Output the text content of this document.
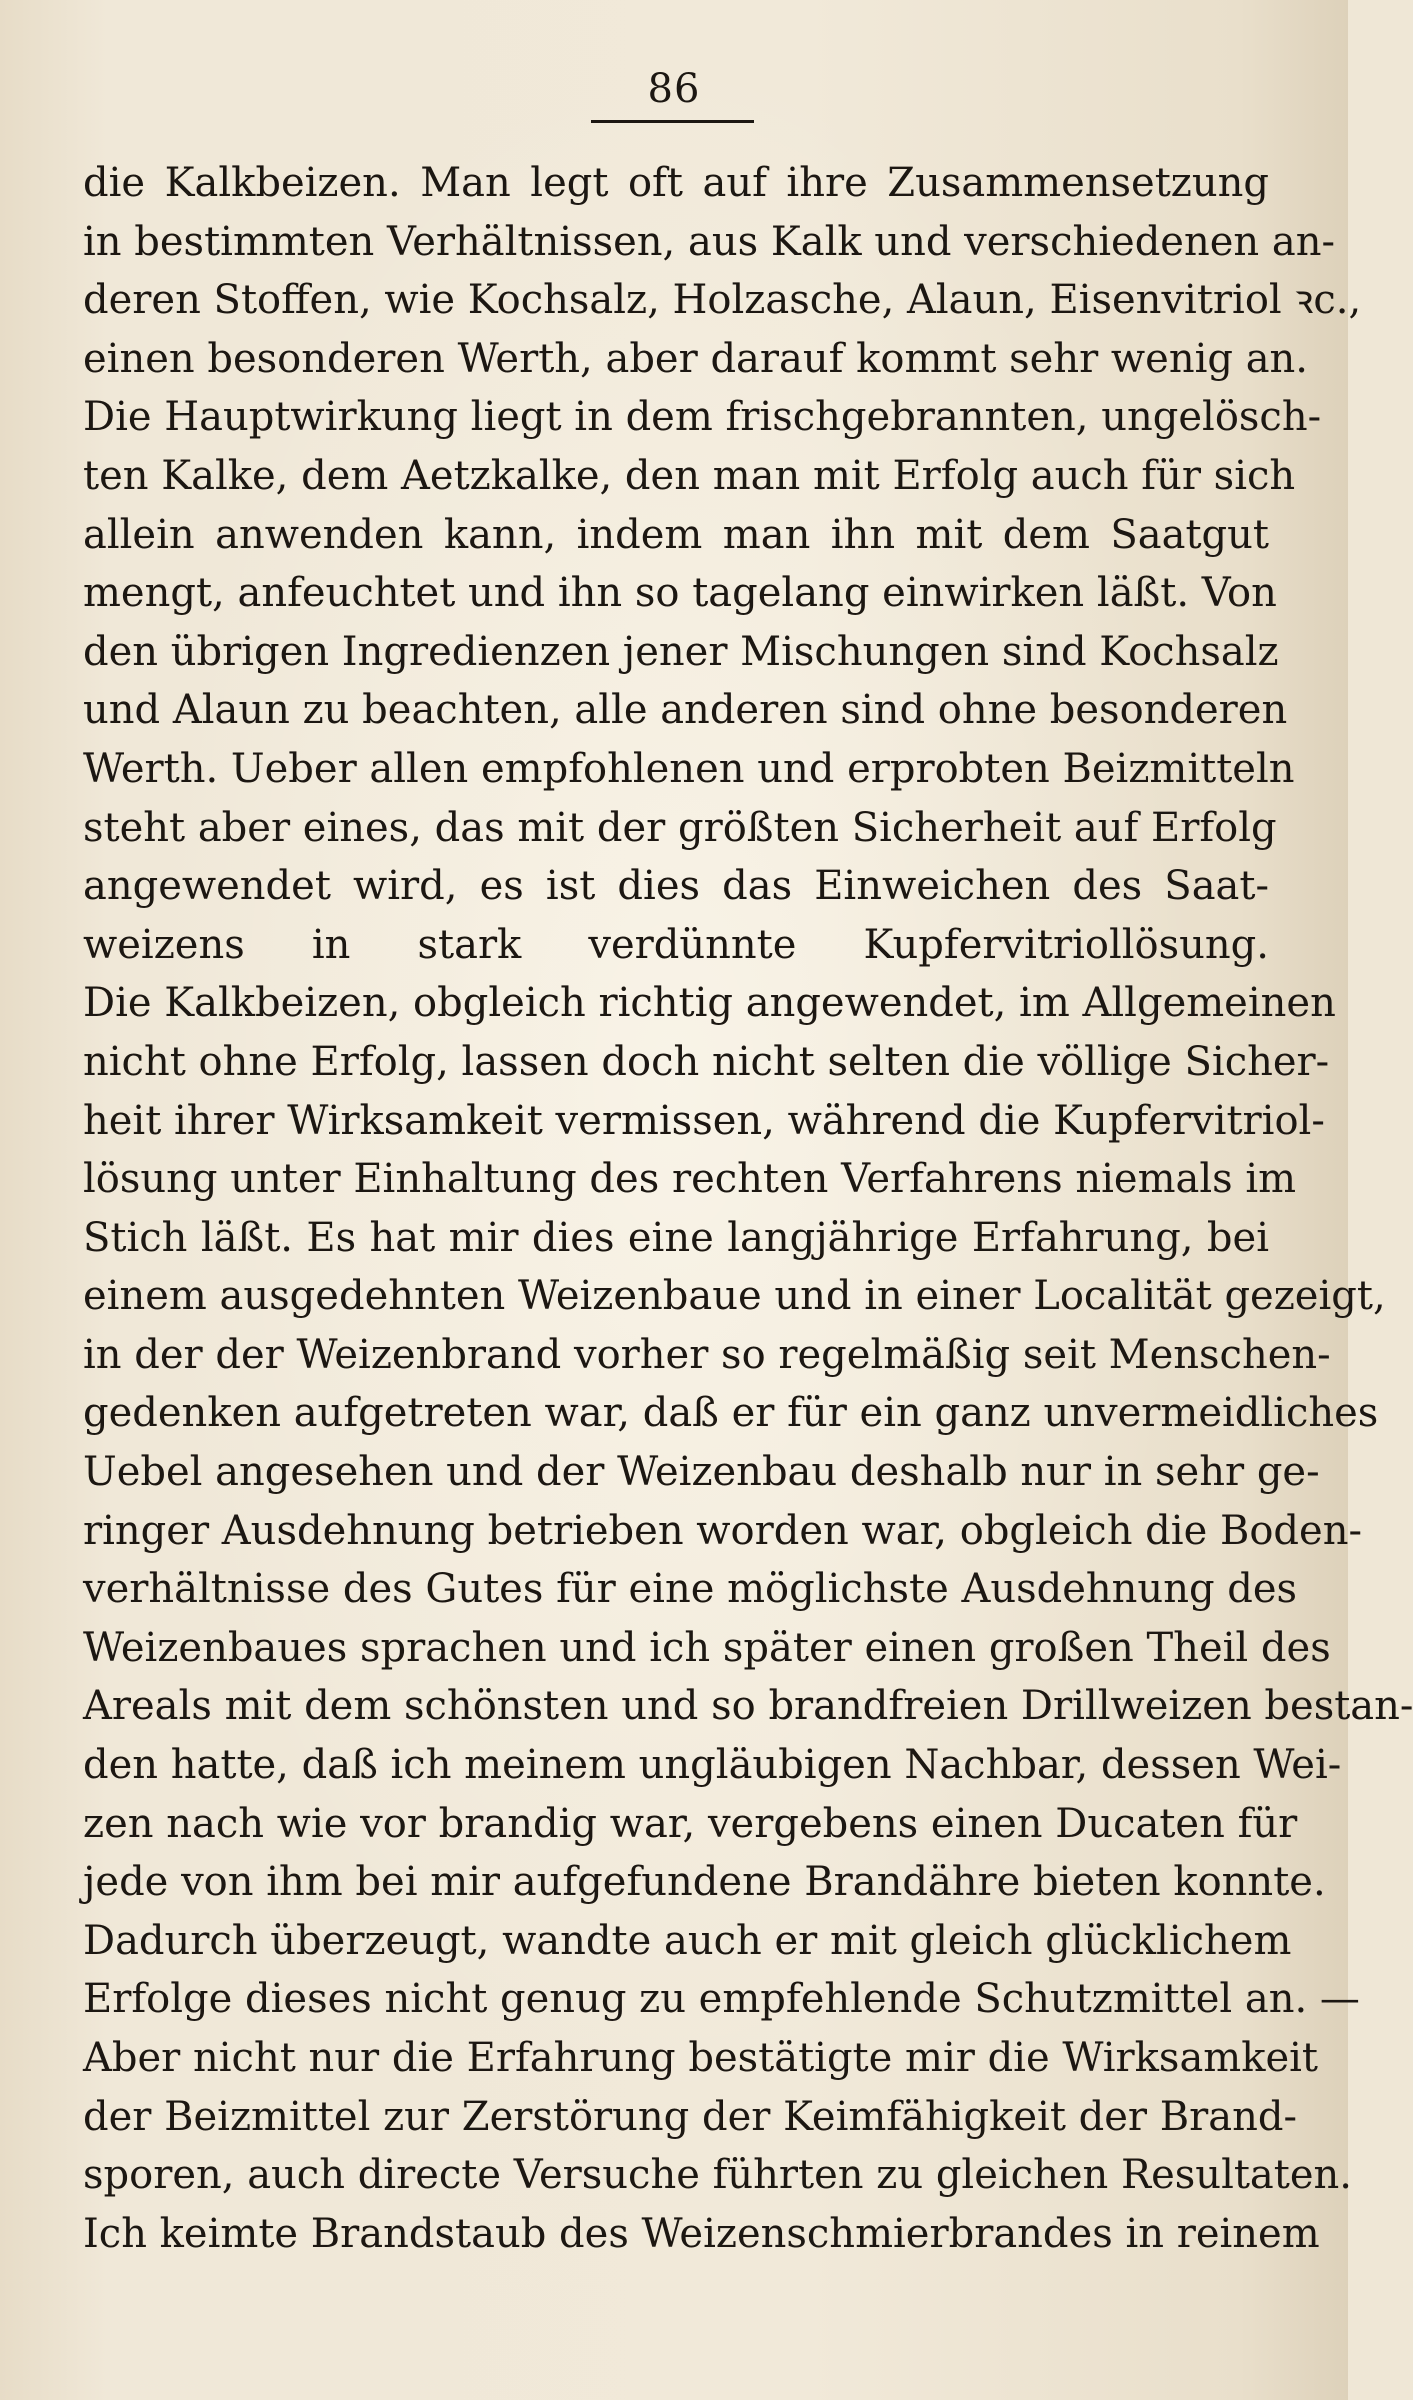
86
die Kalkbeizen. Man legt oft auf ihre Zusammensetzung
in bestimmten Verhältnissen, aus Kalk und verschiedenen an-
deren Stoffen, wie Kochsalz, Holzasche, Alaun, Eisenvitriol ꝛc.,
einen besonderen Werth, aber darauf kommt sehr wenig an.
Die Hauptwirkung liegt in dem frischgebrannten, ungelösch-
ten Kalke, dem Aetzkalke, den man mit Erfolg auch für sich
allein anwenden kann, indem man ihn mit dem Saatgut
mengt, anfeuchtet und ihn so tagelang einwirken läßt. Von
den übrigen Ingredienzen jener Mischungen sind Kochsalz
und Alaun zu beachten, alle anderen sind ohne besonderen
Werth. Ueber allen empfohlenen und erprobten Beizmitteln
steht aber eines, das mit der größten Sicherheit auf Erfolg
angewendet wird, es ist dies das Einweichen des Saat-
weizens in stark verdünnte Kupfervitriollösung.
Die Kalkbeizen, obgleich richtig angewendet, im Allgemeinen
nicht ohne Erfolg, lassen doch nicht selten die völlige Sicher-
heit ihrer Wirksamkeit vermissen, während die Kupfervitriol-
lösung unter Einhaltung des rechten Verfahrens niemals im
Stich läßt. Es hat mir dies eine langjährige Erfahrung, bei
einem ausgedehnten Weizenbaue und in einer Localität gezeigt,
in der der Weizenbrand vorher so regelmäßig seit Menschen-
gedenken aufgetreten war, daß er für ein ganz unvermeidliches
Uebel angesehen und der Weizenbau deshalb nur in sehr ge-
ringer Ausdehnung betrieben worden war, obgleich die Boden-
verhältnisse des Gutes für eine möglichste Ausdehnung des
Weizenbaues sprachen und ich später einen großen Theil des
Areals mit dem schönsten und so brandfreien Drillweizen bestan-
den hatte, daß ich meinem ungläubigen Nachbar, dessen Wei-
zen nach wie vor brandig war, vergebens einen Ducaten für
jede von ihm bei mir aufgefundene Brandähre bieten konnte.
Dadurch überzeugt, wandte auch er mit gleich glücklichem
Erfolge dieses nicht genug zu empfehlende Schutzmittel an. —
Aber nicht nur die Erfahrung bestätigte mir die Wirksamkeit
der Beizmittel zur Zerstörung der Keimfähigkeit der Brand-
sporen, auch directe Versuche führten zu gleichen Resultaten.
Ich keimte Brandstaub des Weizenschmierbrandes in reinem
